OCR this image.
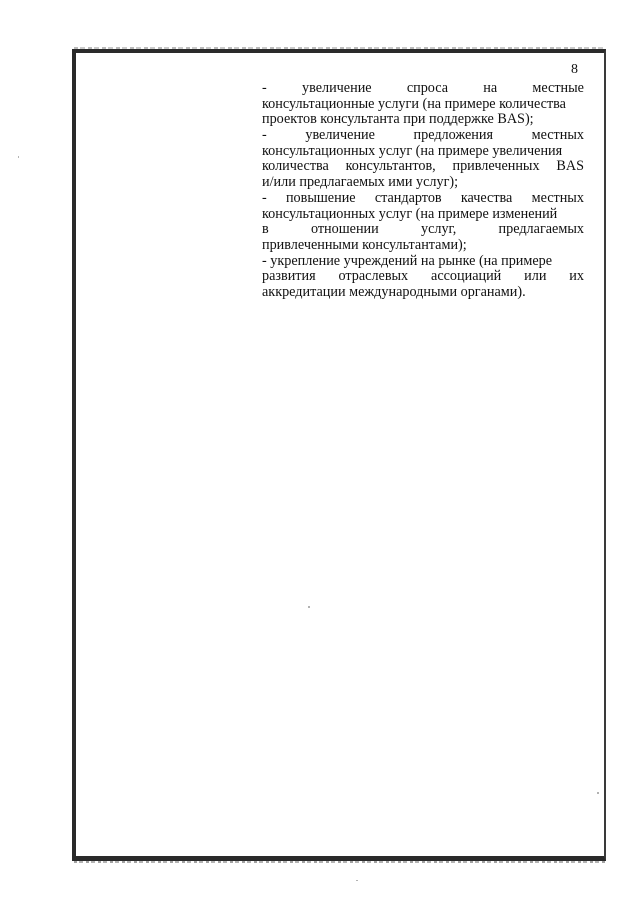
8
- увеличение спроса на местные
консультационные услуги (на примере количества
проектов консультанта при поддержке BAS);
-	увеличение	предложения	местных
консультационных услуг (на примере увеличения
количества консультантов, привлеченных BAS
и/или предлагаемых ими услуг);
- повышение стандартов качества местных
консультационных услуг (на примере изменений
в	отношении	услуг,	предлагаемых
привлеченными консультантами);
- укрепление учреждений на рынке (на примере
развития отраслевых ассоциаций или их
аккредитации международными органами).
